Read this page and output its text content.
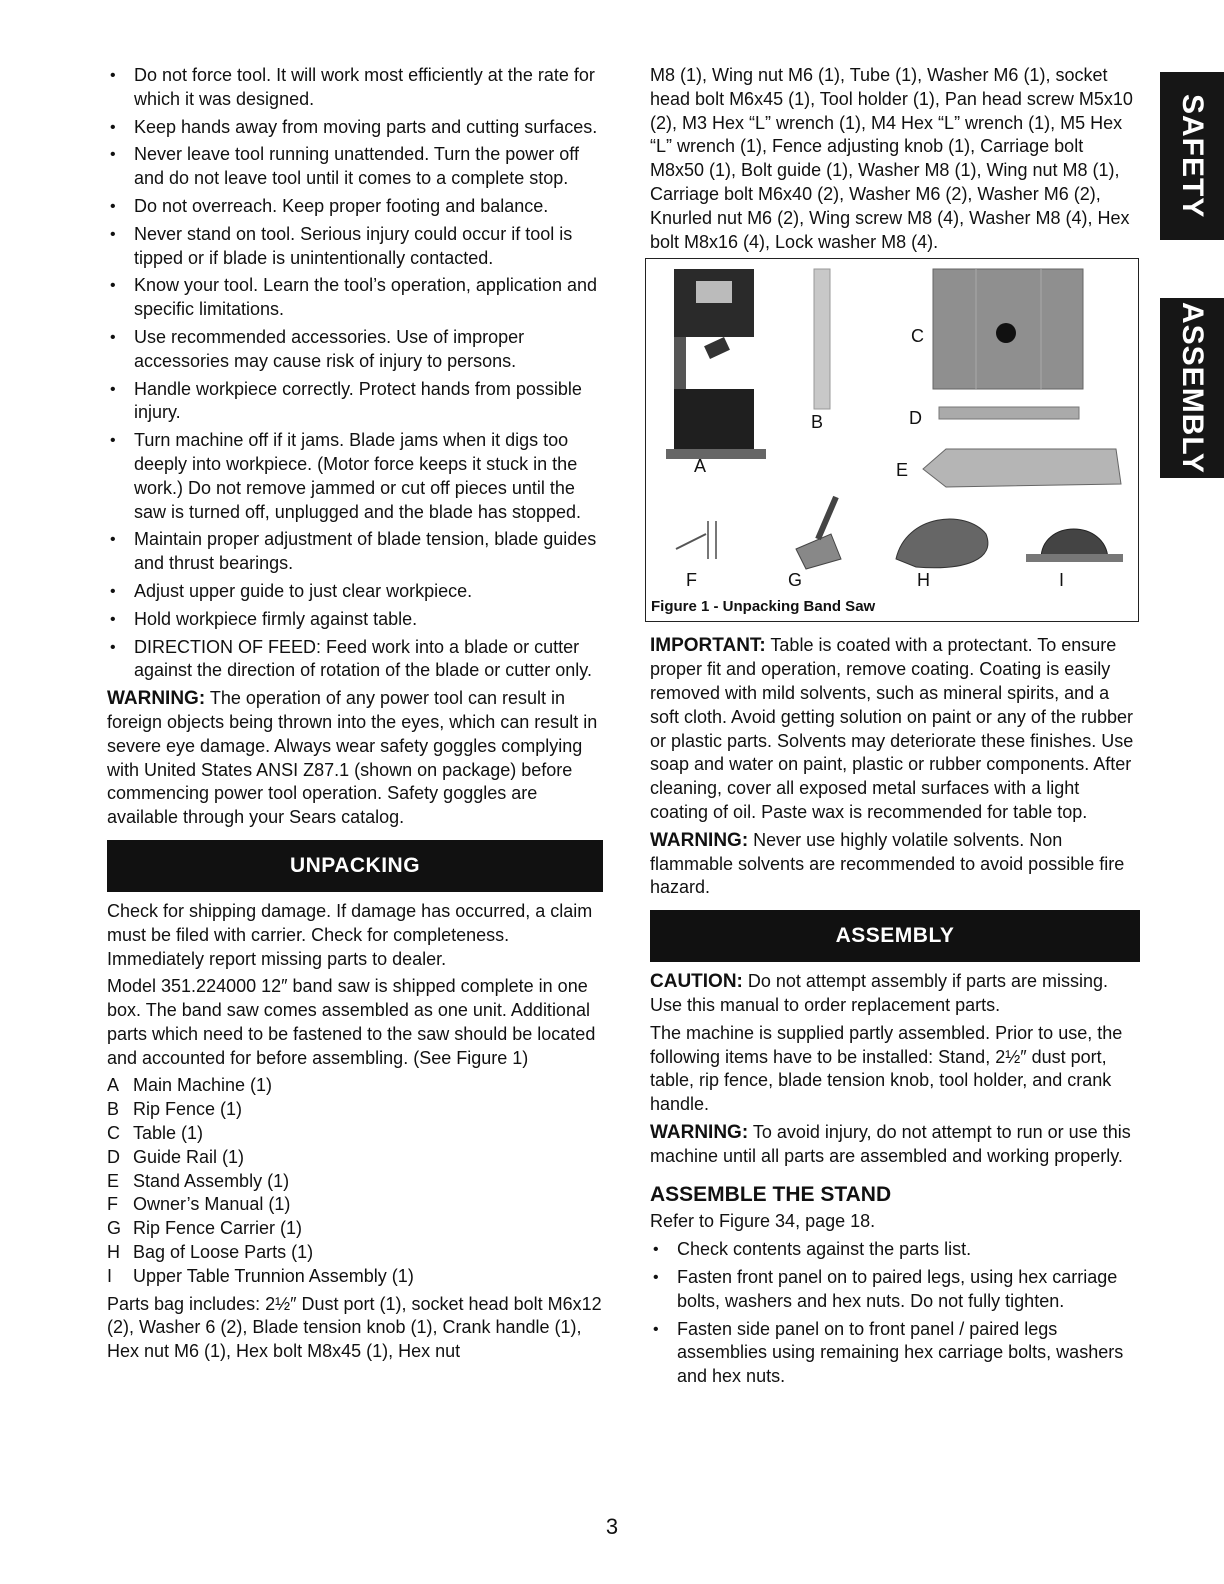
• Do not force tool. It will work most efficiently at the rate for which it was designed.
• Keep hands away from moving parts and cutting surfaces.
• Never leave tool running unattended. Turn the power off and do not leave tool until it comes to a complete stop.
• Do not overreach. Keep proper footing and balance.
• Never stand on tool. Serious injury could occur if tool is tipped or if blade is unintentionally contacted.
• Know your tool. Learn the tool’s operation, application and specific limitations.
• Use recommended accessories. Use of improper accessories may cause risk of injury to persons.
• Handle workpiece correctly. Protect hands from possible injury.
• Turn machine off if it jams. Blade jams when it digs too deeply into workpiece. (Motor force keeps it stuck in the work.) Do not remove jammed or cut off pieces until the saw is turned off, unplugged and the blade has stopped.
• Maintain proper adjustment of blade tension, blade guides and thrust bearings.
• Adjust upper guide to just clear workpiece.
• Hold workpiece firmly against table.
• DIRECTION OF FEED: Feed work into a blade or cutter against the direction of rotation of the blade or cutter only.

WARNING: The operation of any power tool can result in foreign objects being thrown into the eyes, which can result in severe eye damage. Always wear safety goggles complying with United States ANSI Z87.1 (shown on package) before commencing power tool operation. Safety goggles are available through your Sears catalog.

UNPACKING

Check for shipping damage. If damage has occurred, a claim must be filed with carrier. Check for completeness. Immediately report missing parts to dealer.

Model 351.224000 12″ band saw is shipped complete in one box. The band saw comes assembled as one unit. Additional parts which need to be fastened to the saw should be located and accounted for before assembling. (See Figure 1)

A Main Machine (1)
B Rip Fence (1)
C Table (1)
D Guide Rail (1)
E Stand Assembly (1)
F Owner’s Manual (1)
G Rip Fence Carrier (1)
H Bag of Loose Parts (1)
I	Upper Table Trunnion Assembly (1)

Parts bag includes: 2½″ Dust port (1), socket head bolt M6x12 (2), Washer 6 (2), Blade tension knob (1), Crank handle (1), Hex nut M6 (1), Hex bolt M8x45 (1), Hex nut

M8 (1), Wing nut M6 (1), Tube (1), Washer M6 (1), socket head bolt M6x45 (1), Tool holder (1), Pan head screw M5x10 (2), M3 Hex “L” wrench (1), M4 Hex “L” wrench (1), M5 Hex “L” wrench (1), Fence adjusting knob (1), Carriage bolt M8x50 (1), Bolt guide (1), Washer M8 (1), Wing nut M8 (1), Carriage bolt M6x40 (2), Washer M6 (2), Washer M6 (2), Knurled nut M6 (2), Wing screw M8 (4), Washer M8 (4), Hex bolt M8x16 (4), Lock washer M8 (4).

A
B
C
D
E
F	G	H	I
Figure 1 - Unpacking Band Saw

IMPORTANT: Table is coated with a protectant. To ensure proper fit and operation, remove coating. Coating is easily removed with mild solvents, such as mineral spirits, and a soft cloth. Avoid getting solution on paint or any of the rubber or plastic parts. Solvents may deteriorate these finishes. Use soap and water on paint, plastic or rubber components. After cleaning, cover all exposed metal surfaces with a light coating of oil. Paste wax is recommended for table top.

WARNING: Never use highly volatile solvents. Non flammable solvents are recommended to avoid possible fire hazard.

ASSEMBLY

CAUTION: Do not attempt assembly if parts are missing. Use this manual to order replacement parts.

The machine is supplied partly assembled. Prior to use, the following items have to be installed: Stand, 2½″ dust port, table, rip fence, blade tension knob, tool holder, and crank handle.

WARNING: To avoid injury, do not attempt to run or use this machine until all parts are assembled and working properly.

ASSEMBLE THE STAND

Refer to Figure 34, page 18.

• Check contents against the parts list.
• Fasten front panel on to paired legs, using hex carriage bolts, washers and hex nuts. Do not fully tighten.
• Fasten side panel on to front panel / paired legs assemblies using remaining hex carriage bolts, washers and hex nuts.
SAFETY
ASSEMBLY
3
